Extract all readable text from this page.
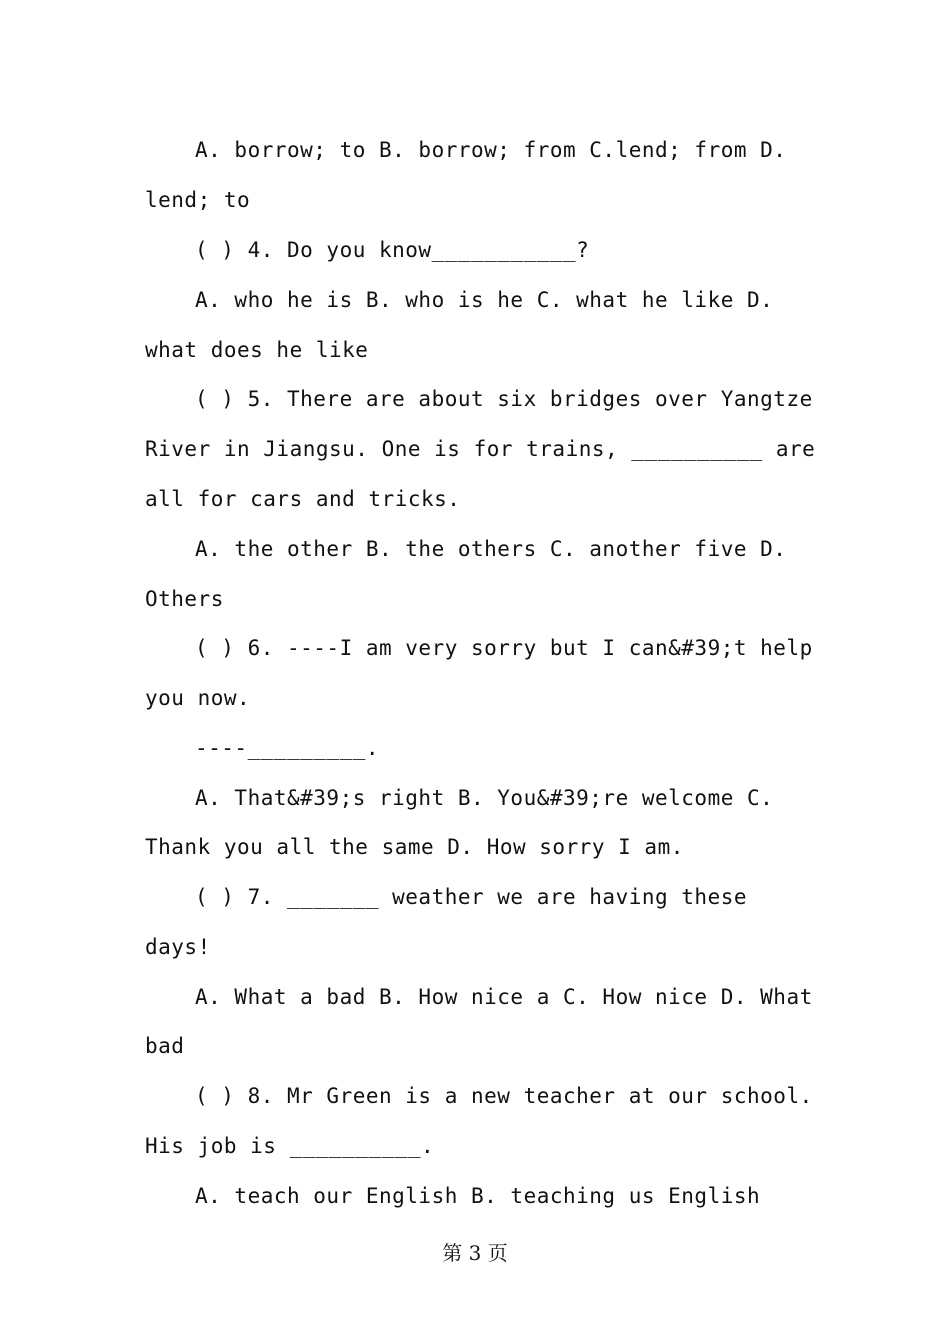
A. borrow; to B. borrow; from C.lend; from D.
lend; to
( ) 4. Do you know___________?
A. who he is B. who is he C. what he like D.
what does he like
( ) 5. There are about six bridges over Yangtze
River in Jiangsu. One is for trains, __________ are
all for cars and tricks.
A. the other B. the others C. another five D.
Others
( ) 6. ----I am very sorry but I can&#39;t help
you now.
----_________.
A. That&#39;s right B. You&#39;re welcome C.
Thank you all the same D. How sorry I am.
( ) 7. _______ weather we are having these
days!
A. What a bad B. How nice a C. How nice D. What
bad
( ) 8. Mr Green is a new teacher at our school.
His job is __________.
A. teach our English B. teaching us English
第 3 页
